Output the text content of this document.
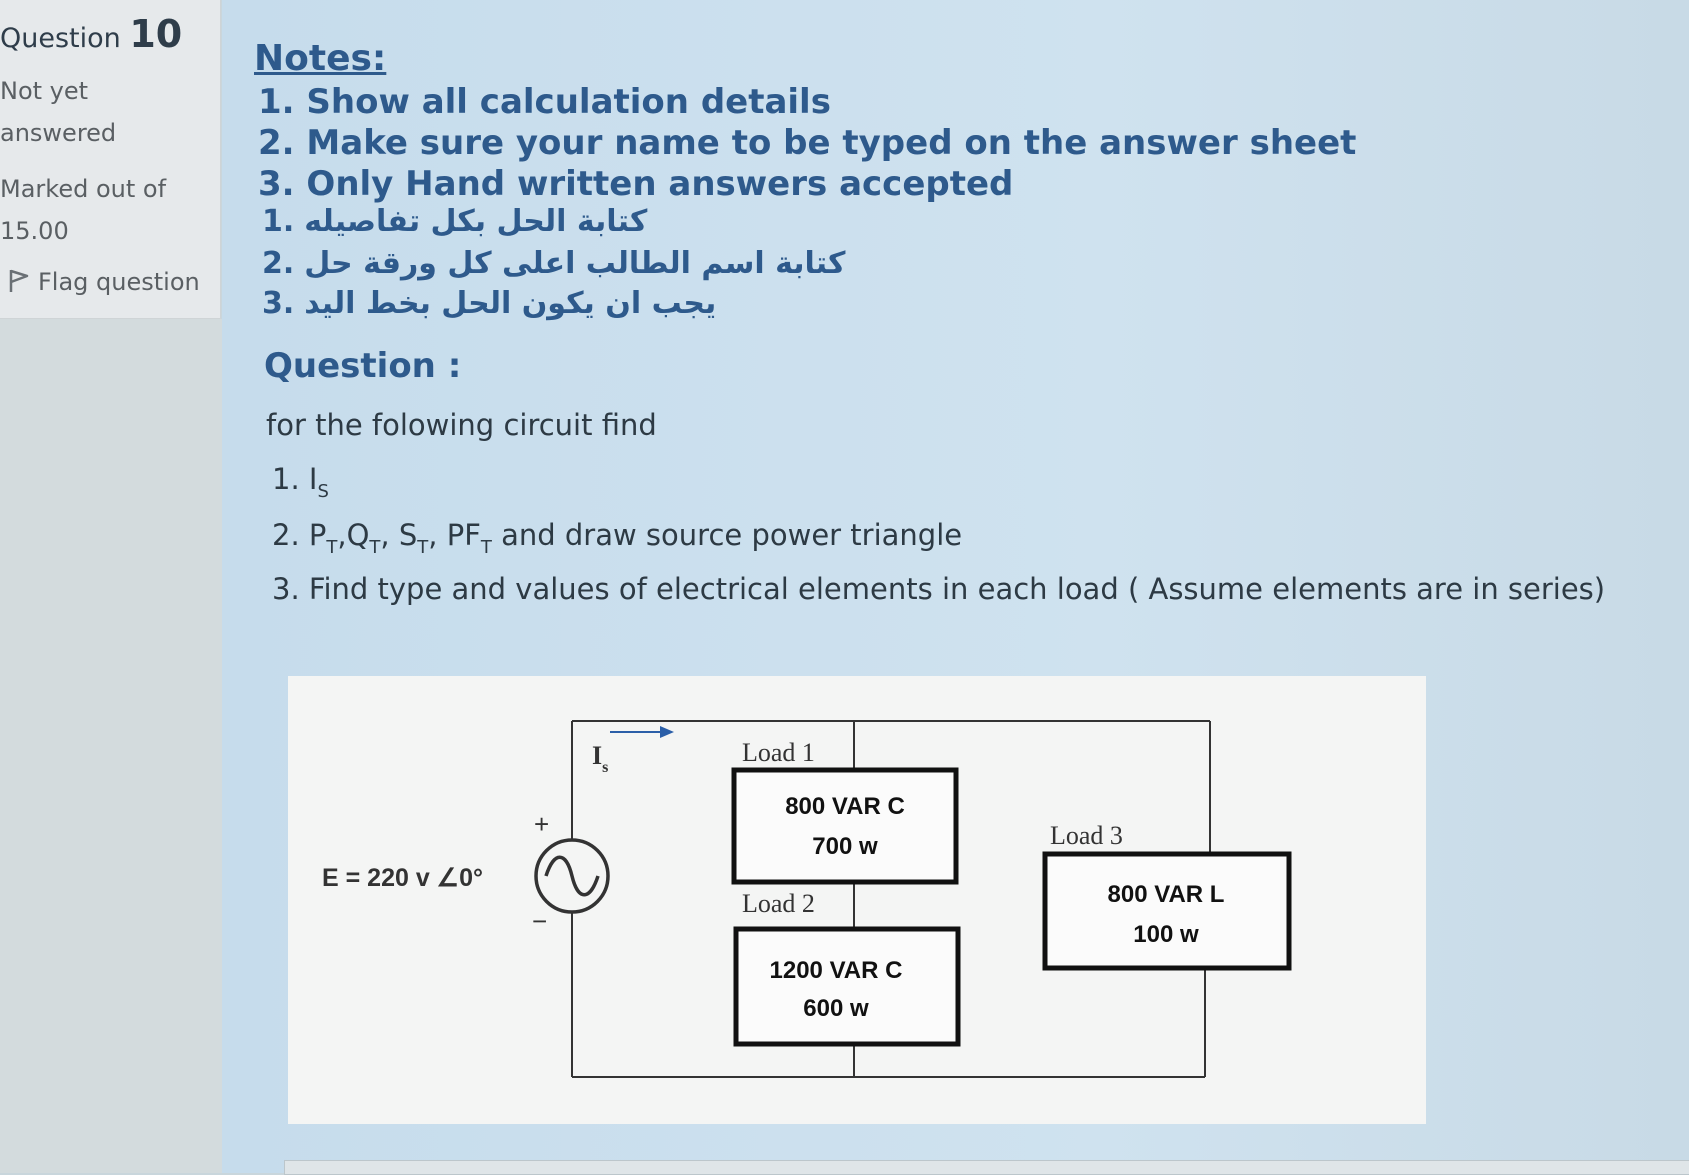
Question 10
Not yet
answered
Marked out of
15.00
Flag question
Notes:
1. Show all calculation details
2. Make sure your name to be typed on the answer sheet
3. Only Hand written answers accepted
1. كتابة الحل بكل تفاصيله
2. كتابة اسم الطالب اعلى كل ورقة حل
3. يجب ان يكون الحل بخط اليد
Question :
for the folowing circuit find
1. $I_S$
2. $P_T,Q_T$, $S_T$, $PF_T$ and draw source power triangle
3. Find type and values of electrical elements in each load ( Assume elements are in series)
$I_s$
+
−
E = 220 v ∠0°
Load 1
800 VAR C
700 w
Load 2
1200 VAR C
600 w
Load 3
800 VAR L
100 w
